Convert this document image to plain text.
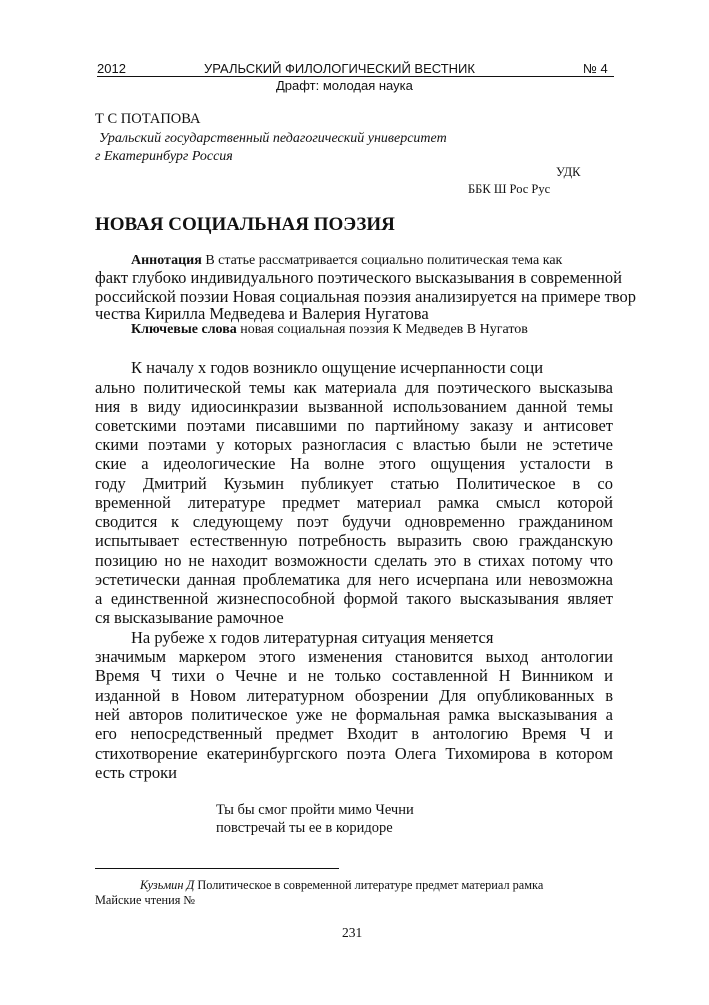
2012	УРАЛЬСКИЙ ФИЛОЛОГИЧЕСКИЙ ВЕСТНИК	№ 4
Драфт: молодая наука
Т С ПОТАПОВА
Уральский государственный педагогический университет
г Екатеринбург Россия
УДК
ББК Ш Рос Рус
НОВАЯ СОЦИАЛЬНАЯ ПОЭЗИЯ
Аннотация В статье рассматривается социально политическая тема как
факт глубоко индивидуального поэтического высказывания в современной
российской поэзии Новая социальная поэзия анализируется на примере твор
чества Кирилла Медведева и Валерия Нугатова
Ключевые слова новая социальная поэзия К Медведев В Нугатов
К началу х годов возникло ощущение исчерпанности соци
ально политической темы как материала для поэтического высказыва
ния в виду идиосинкразии вызванной использованием данной темы
советскими поэтами писавшими по партийному заказу и антисовет
скими поэтами у которых разногласия с властью были не эстетиче
ские а идеологические На волне этого ощущения усталости в
году Дмитрий Кузьмин публикует статью Политическое в со
временной литературе предмет материал рамка смысл которой
сводится к следующему поэт будучи одновременно гражданином
испытывает естественную потребность выразить свою гражданскую
позицию но не находит возможности сделать это в стихах потому что
эстетически данная проблематика для него исчерпана или невозможна
а единственной жизнеспособной формой такого высказывания являет
ся высказывание рамочное
На рубеже х годов литературная ситуация меняется
значимым маркером этого изменения становится выход антологии
Время Ч тихи о Чечне и не только составленной Н Винником и
изданной в Новом литературном обозрении Для опубликованных в
ней авторов политическое уже не формальная рамка высказывания а
его непосредственный предмет Входит в антологию Время Ч и
стихотворение екатеринбургского поэта Олега Тихомирова в котором
есть строки
Ты бы смог пройти мимо Чечни
повстречай ты ее в коридоре
Кузьмин Д Политическое в современной литературе предмет материал рамка
Майские чтения №
231
